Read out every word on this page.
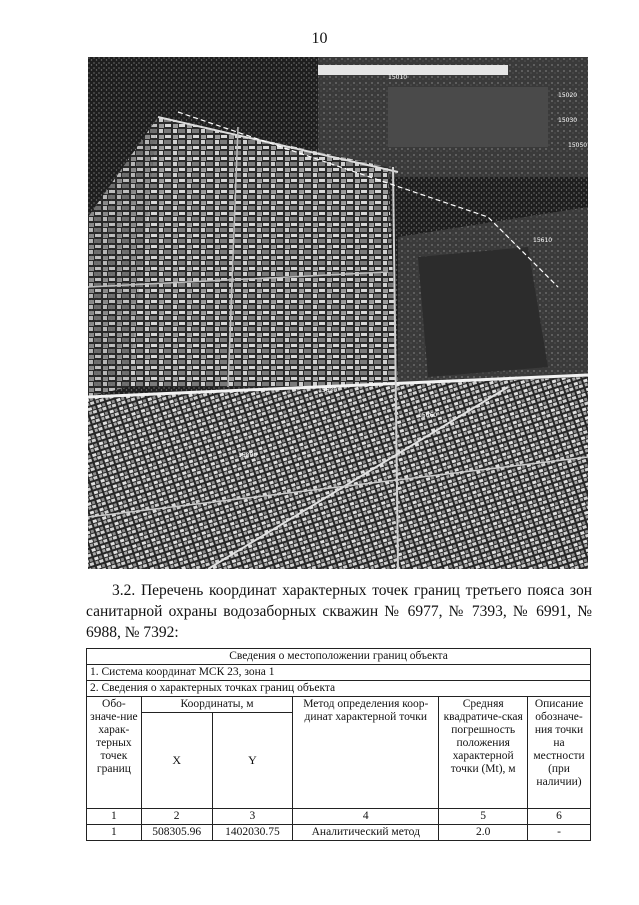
10
15010
15020
15030
15050
15610
15630
15660
15890
3.2. Перечень координат характерных точек границ третьего пояса зон санитарной охраны водозаборных скважин № 6977, № 7393, № 6991, № 6988, № 7392:
Сведения о местоположении границ объекта					
1. Система координат МСК 23, зона 1					
2. Сведения о характерных точках границ объекта					
Обо-значе-ние харак-терных точек границ	Координаты, м		Метод определения коор-динат характерной точки	Средняя квадратиче-ская погрешность положения характерной точки (Mt), м	Описание обозначе-ния точки на местности (при наличии)
	X	Y			
1	2	3	4	5	6
1	508305.96	1402030.75	Аналитический метод	2.0	-
